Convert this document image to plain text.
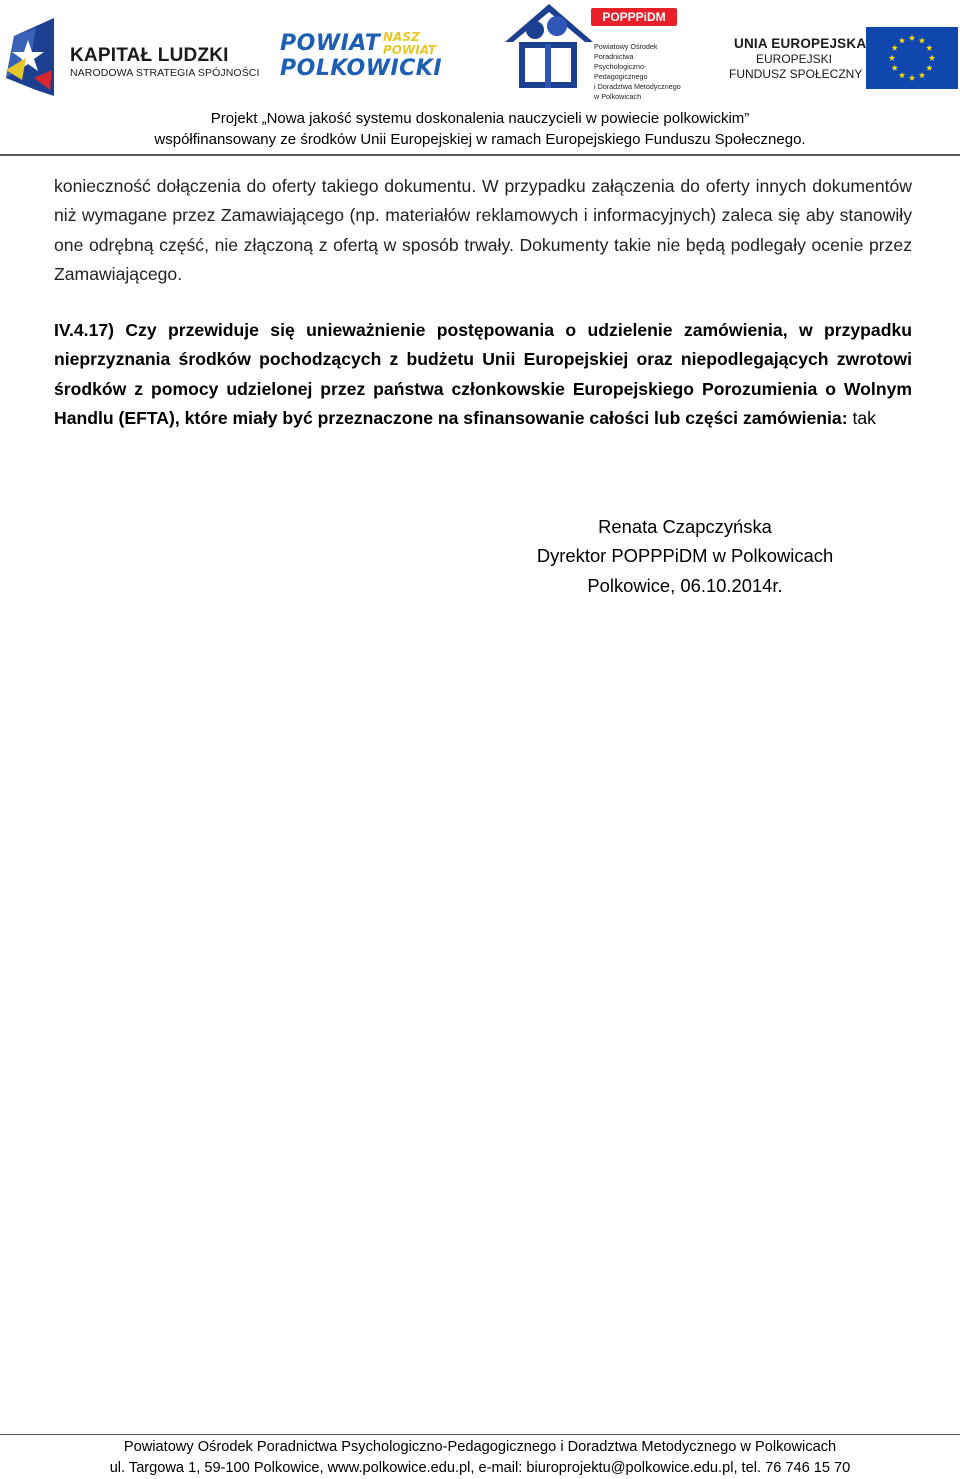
KAPITAŁ LUDZKI
NARODOWA STRATEGIA SPÓJNOŚCI
POWIAT
POLKOWICKI
NASZ
POWIAT
POPPPiDM
Powiatowy Ośrodek Poradnictwa
Psychologiczno-Pedagogicznego
i Doradztwa Metodycznego
w Polkowicach
UNIA EUROPEJSKA
EUROPEJSKI
FUNDUSZ SPOŁECZNY
Projekt „Nowa jakość systemu doskonalenia nauczycieli w powiecie polkowickim”
współfinansowany ze środków Unii Europejskiej w ramach Europejskiego Funduszu Społecznego.
konieczność dołączenia do oferty takiego dokumentu. W przypadku załączenia do oferty innych dokumentów niż wymagane przez Zamawiającego (np. materiałów reklamowych i informacyjnych) zaleca się aby stanowiły one odrębną część, nie złączoną z ofertą w sposób trwały. Dokumenty takie nie będą podlegały ocenie przez Zamawiającego.
IV.4.17) Czy przewiduje się unieważnienie postępowania o udzielenie zamówienia, w przypadku nieprzyznania środków pochodzących z budżetu Unii Europejskiej oraz niepodlegających zwrotowi środków z pomocy udzielonej przez państwa członkowskie Europejskiego Porozumienia o Wolnym Handlu (EFTA), które miały być przeznaczone na sfinansowanie całości lub części zamówienia: tak
Renata Czapczyńska
Dyrektor POPPPiDM w Polkowicach
Polkowice, 06.10.2014r.
Powiatowy Ośrodek Poradnictwa Psychologiczno-Pedagogicznego i Doradztwa Metodycznego w Polkowicach
ul. Targowa 1, 59-100 Polkowice, www.polkowice.edu.pl, e-mail: biuroprojektu@polkowice.edu.pl, tel. 76 746 15 70
